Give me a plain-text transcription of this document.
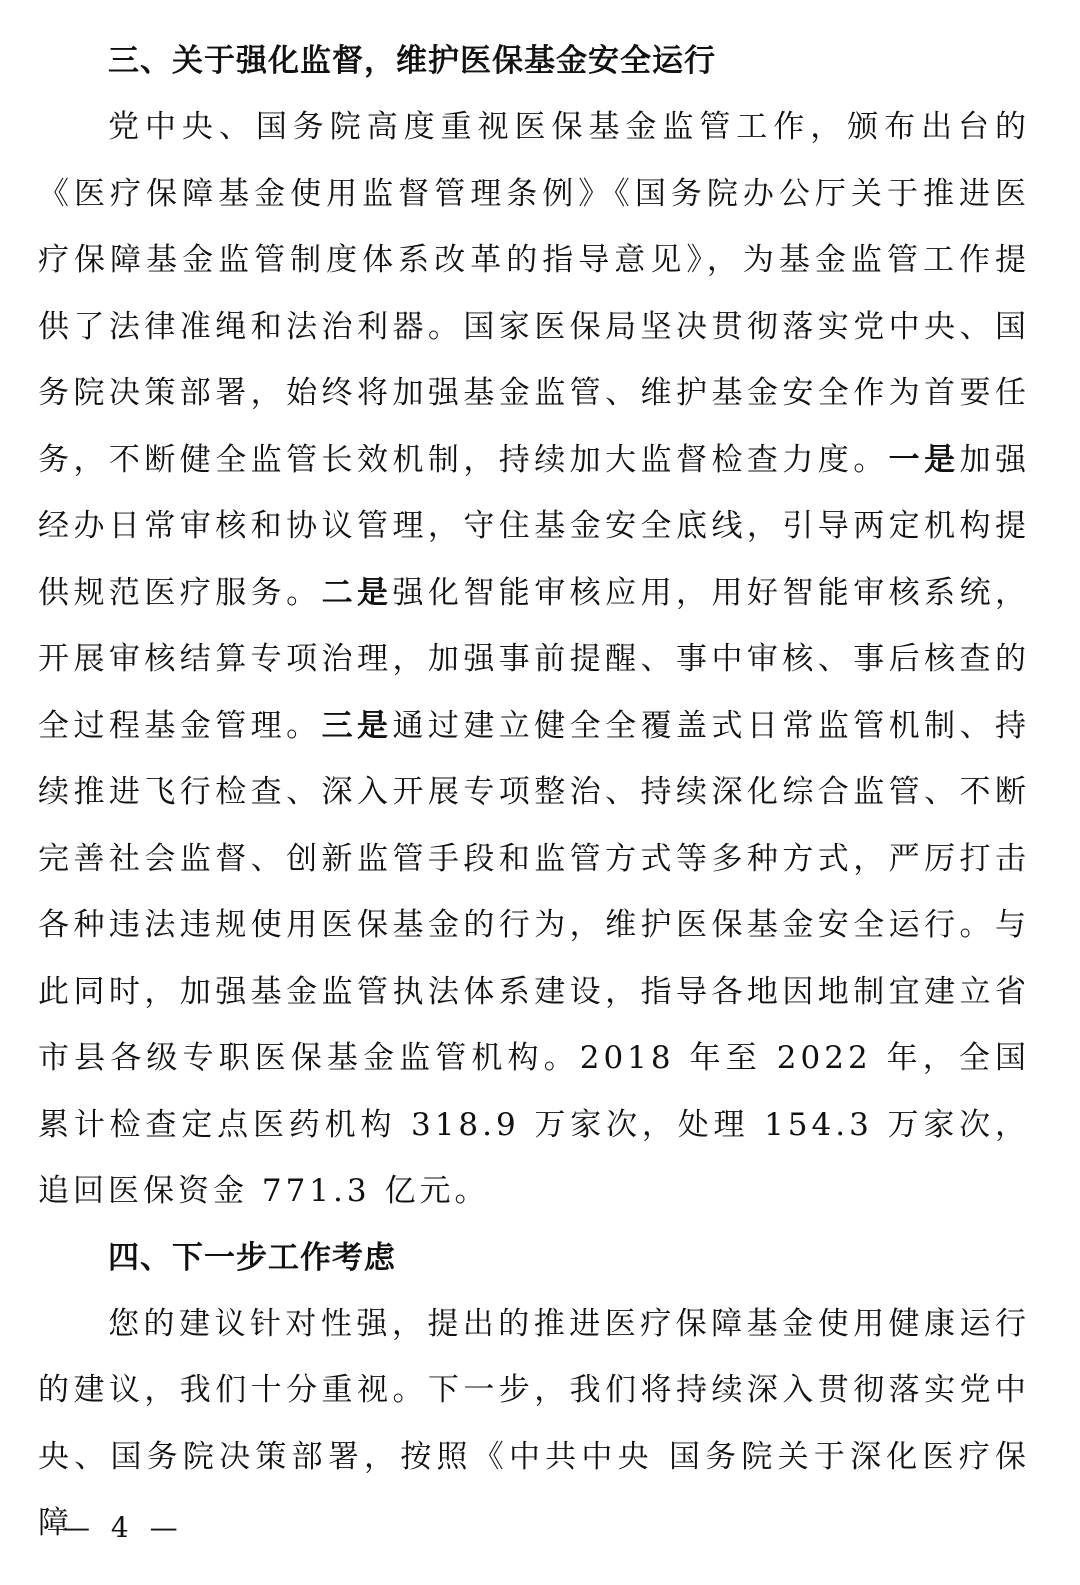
三、关于强化监督，维护医保基金安全运行

党中央、国务院高度重视医保基金监管工作，颁布出台的《医疗保障基金使用监督管理条例》《国务院办公厅关于推进医疗保障基金监管制度体系改革的指导意见》，为基金监管工作提供了法律准绳和法治利器。国家医保局坚决贯彻落实党中央、国务院决策部署，始终将加强基金监管、维护基金安全作为首要任务，不断健全监管长效机制，持续加大监督检查力度。一是加强经办日常审核和协议管理，守住基金安全底线，引导两定机构提供规范医疗服务。二是强化智能审核应用，用好智能审核系统，开展审核结算专项治理，加强事前提醒、事中审核、事后核查的全过程基金管理。三是通过建立健全全覆盖式日常监管机制、持续推进飞行检查、深入开展专项整治、持续深化综合监管、不断完善社会监督、创新监管手段和监管方式等多种方式，严厉打击各种违法违规使用医保基金的行为，维护医保基金安全运行。与此同时，加强基金监管执法体系建设，指导各地因地制宜建立省市县各级专职医保基金监管机构。2018 年至 2022 年，全国累计检查定点医药机构 318.9 万家次，处理 154.3 万家次，追回医保资金 771.3 亿元。

四、下一步工作考虑

您的建议针对性强，提出的推进医疗保障基金使用健康运行的建议，我们十分重视。下一步，我们将持续深入贯彻落实党中央、国务院决策部署，按照《中共中央 国务院关于深化医疗保障

— 4 —
